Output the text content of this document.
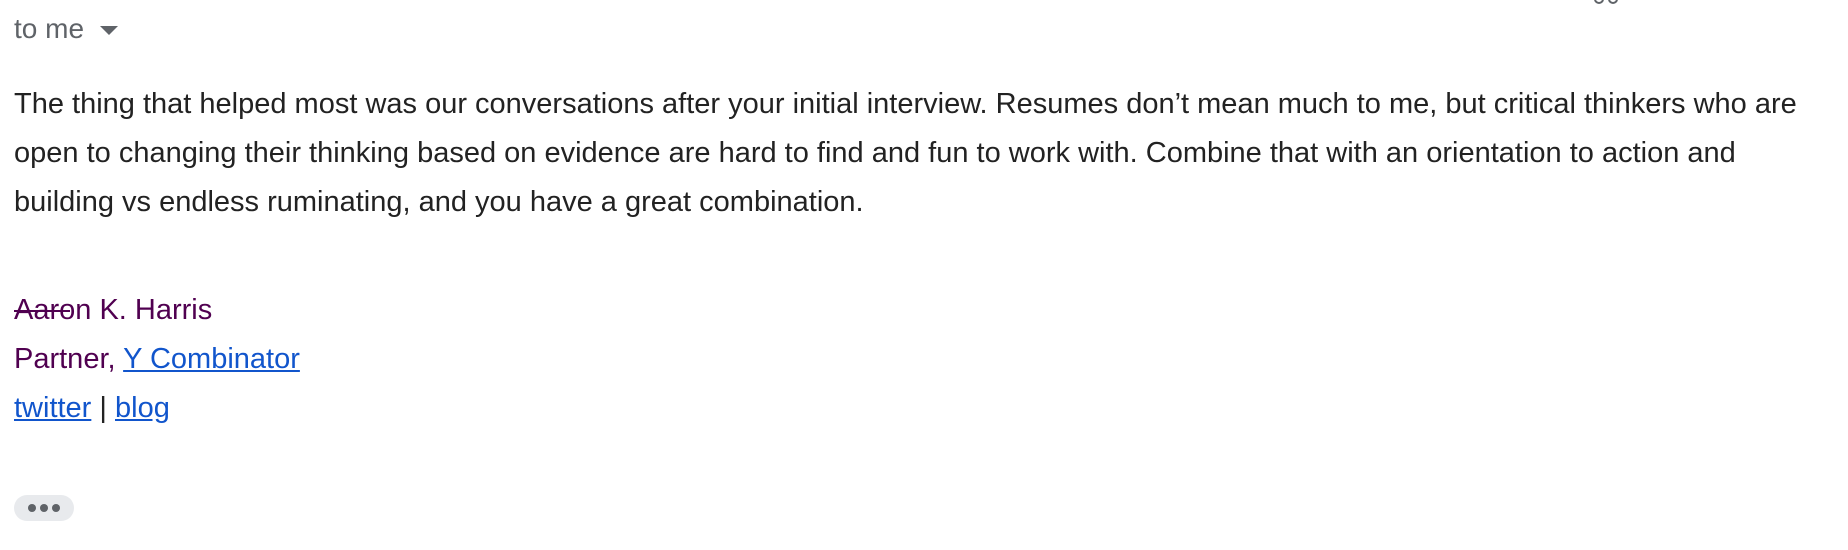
to me

The thing that helped most was our conversations after your initial interview. Resumes don’t mean much to me, but critical thinkers who are open to changing their thinking based on evidence are hard to find and fun to work with. Combine that with an orientation to action and building vs endless ruminating, and you have a great combination.

Aaron K. Harris
Partner, Y Combinator
twitter | blog
